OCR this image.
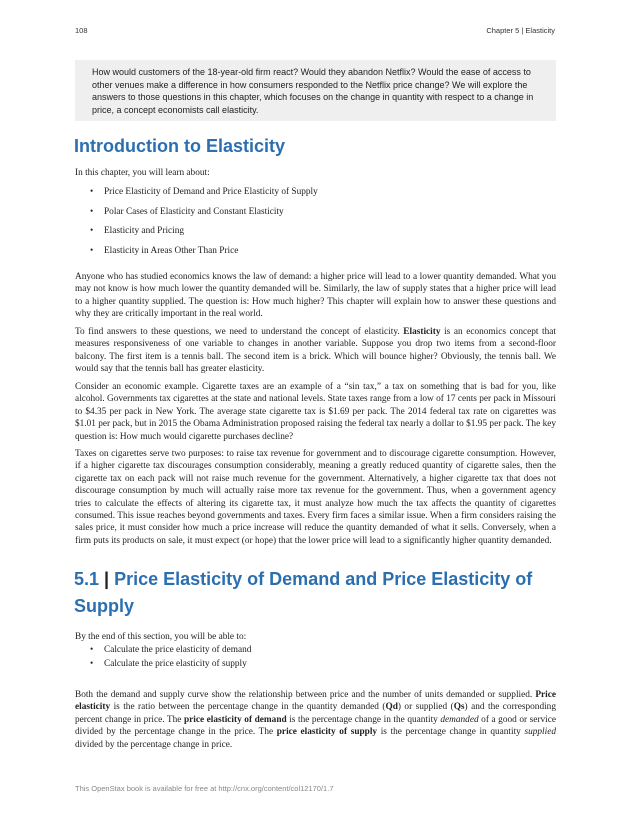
108	Chapter 5 | Elasticity
How would customers of the 18-year-old firm react? Would they abandon Netflix? Would the ease of access to other venues make a difference in how consumers responded to the Netflix price change? We will explore the answers to those questions in this chapter, which focuses on the change in quantity with respect to a change in price, a concept economists call elasticity.
Introduction to Elasticity

In this chapter, you will learn about:

• Price Elasticity of Demand and Price Elasticity of Supply
• Polar Cases of Elasticity and Constant Elasticity
• Elasticity and Pricing
• Elasticity in Areas Other Than Price

Anyone who has studied economics knows the law of demand: a higher price will lead to a lower quantity demanded. What you may not know is how much lower the quantity demanded will be. Similarly, the law of supply states that a higher price will lead to a higher quantity supplied. The question is: How much higher? This chapter will explain how to answer these questions and why they are critically important in the real world.

To find answers to these questions, we need to understand the concept of elasticity. Elasticity is an economics concept that measures responsiveness of one variable to changes in another variable. Suppose you drop two items from a second-floor balcony. The first item is a tennis ball. The second item is a brick. Which will bounce higher? Obviously, the tennis ball. We would say that the tennis ball has greater elasticity.

Consider an economic example. Cigarette taxes are an example of a “sin tax,” a tax on something that is bad for you, like alcohol. Governments tax cigarettes at the state and national levels. State taxes range from a low of 17 cents per pack in Missouri to $4.35 per pack in New York. The average state cigarette tax is $1.69 per pack. The 2014 federal tax rate on cigarettes was $1.01 per pack, but in 2015 the Obama Administration proposed raising the federal tax nearly a dollar to $1.95 per pack. The key question is: How much would cigarette purchases decline?

Taxes on cigarettes serve two purposes: to raise tax revenue for government and to discourage cigarette consumption. However, if a higher cigarette tax discourages consumption considerably, meaning a greatly reduced quantity of cigarette sales, then the cigarette tax on each pack will not raise much revenue for the government. Alternatively, a higher cigarette tax that does not discourage consumption by much will actually raise more tax revenue for the government. Thus, when a government agency tries to calculate the effects of altering its cigarette tax, it must analyze how much the tax affects the quantity of cigarettes consumed. This issue reaches beyond governments and taxes. Every firm faces a similar issue. When a firm considers raising the sales price, it must consider how much a price increase will reduce the quantity demanded of what it sells. Conversely, when a firm puts its products on sale, it must expect (or hope) that the lower price will lead to a significantly higher quantity demanded.

5.1 | Price Elasticity of Demand and Price Elasticity of Supply

By the end of this section, you will be able to:

• Calculate the price elasticity of demand
• Calculate the price elasticity of supply

Both the demand and supply curve show the relationship between price and the number of units demanded or supplied. Price elasticity is the ratio between the percentage change in the quantity demanded (Qd) or supplied (Qs) and the corresponding percent change in price. The price elasticity of demand is the percentage change in the quantity demanded of a good or service divided by the percentage change in the price. The price elasticity of supply is the percentage change in quantity supplied divided by the percentage change in price.

This OpenStax book is available for free at http://cnx.org/content/col12170/1.7
